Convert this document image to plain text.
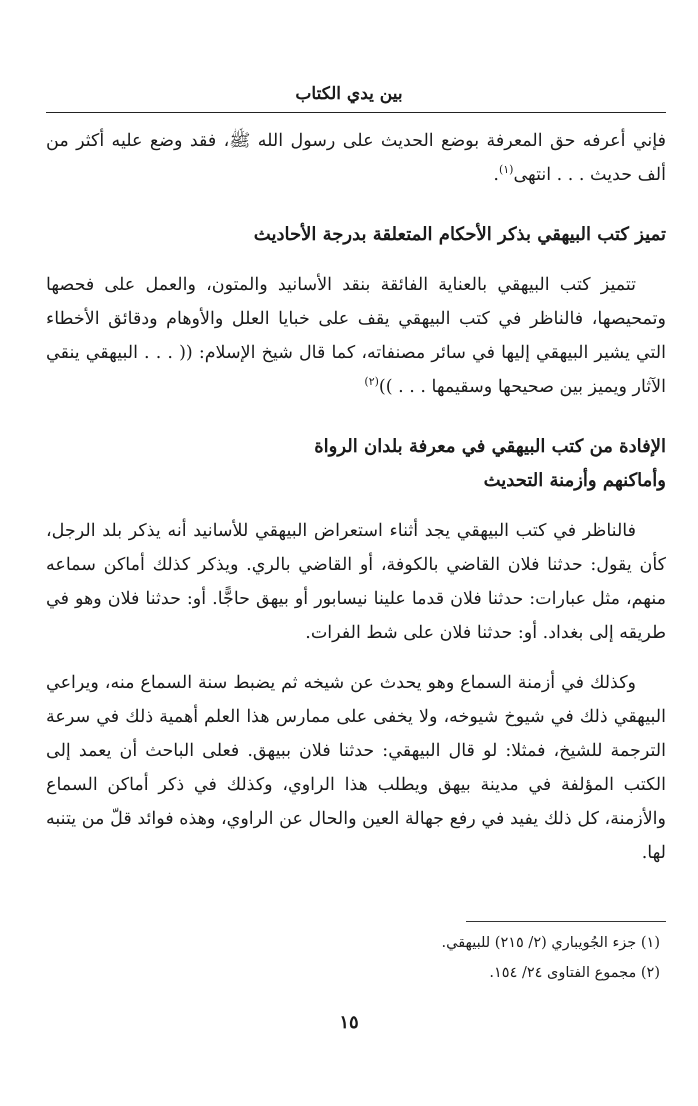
بين يدي الكتاب

فإني أعرفه حق المعرفة بوضع الحديث على رسول الله ﷺ، فقد وضع عليه أكثر من ألف حديث . . . انتهى$^{(١)}$.

تميز كتب البيهقي بذكر الأحكام المتعلقة بدرجة الأحاديث

تتميز كتب البيهقي بالعناية الفائقة بنقد الأسانيد والمتون، والعمل على فحصها وتمحيصها، فالناظر في كتب البيهقي يقف على خبايا العلل والأوهام ودقائق الأخطاء التي يشير البيهقي إليها في سائر مصنفاته، كما قال شيخ الإسلام: (( . . . البيهقي ينقي الآثار ويميز بين صحيحها وسقيمها . . . ))$^{(٢)}$

الإفادة من كتب البيهقي في معرفة بلدان الرواة

وأماكنهم وأزمنة التحديث

فالناظر في كتب البيهقي يجد أثناء استعراض البيهقي للأسانيد أنه يذكر بلد الرجل، كأن يقول: حدثنا فلان القاضي بالكوفة، أو القاضي بالري. ويذكر كذلك أماكن سماعه منهم، مثل عبارات: حدثنا فلان قدما علينا نيسابور أو بيهق حاجًّا. أو: حدثنا فلان وهو في طريقه إلى بغداد. أو: حدثنا فلان على شط الفرات.

وكذلك في أزمنة السماع وهو يحدث عن شيخه ثم يضبط سنة السماع منه، ويراعي البيهقي ذلك في شيوخ شيوخه، ولا يخفى على ممارس هذا العلم أهمية ذلك في سرعة الترجمة للشيخ، فمثلا: لو قال البيهقي: حدثنا فلان ببيهق. فعلى الباحث أن يعمد إلى الكتب المؤلفة في مدينة بيهق ويطلب هذا الراوي، وكذلك في ذكر أماكن السماع والأزمنة، كل ذلك يفيد في رفع جهالة العين والحال عن الراوي، وهذه فوائد قلّ من يتنبه لها.

(١) جزء الجُويباري (٢/ ٢١٥) للبيهقي.

(٢) مجموع الفتاوى ٢٤/ ١٥٤.

١٥
